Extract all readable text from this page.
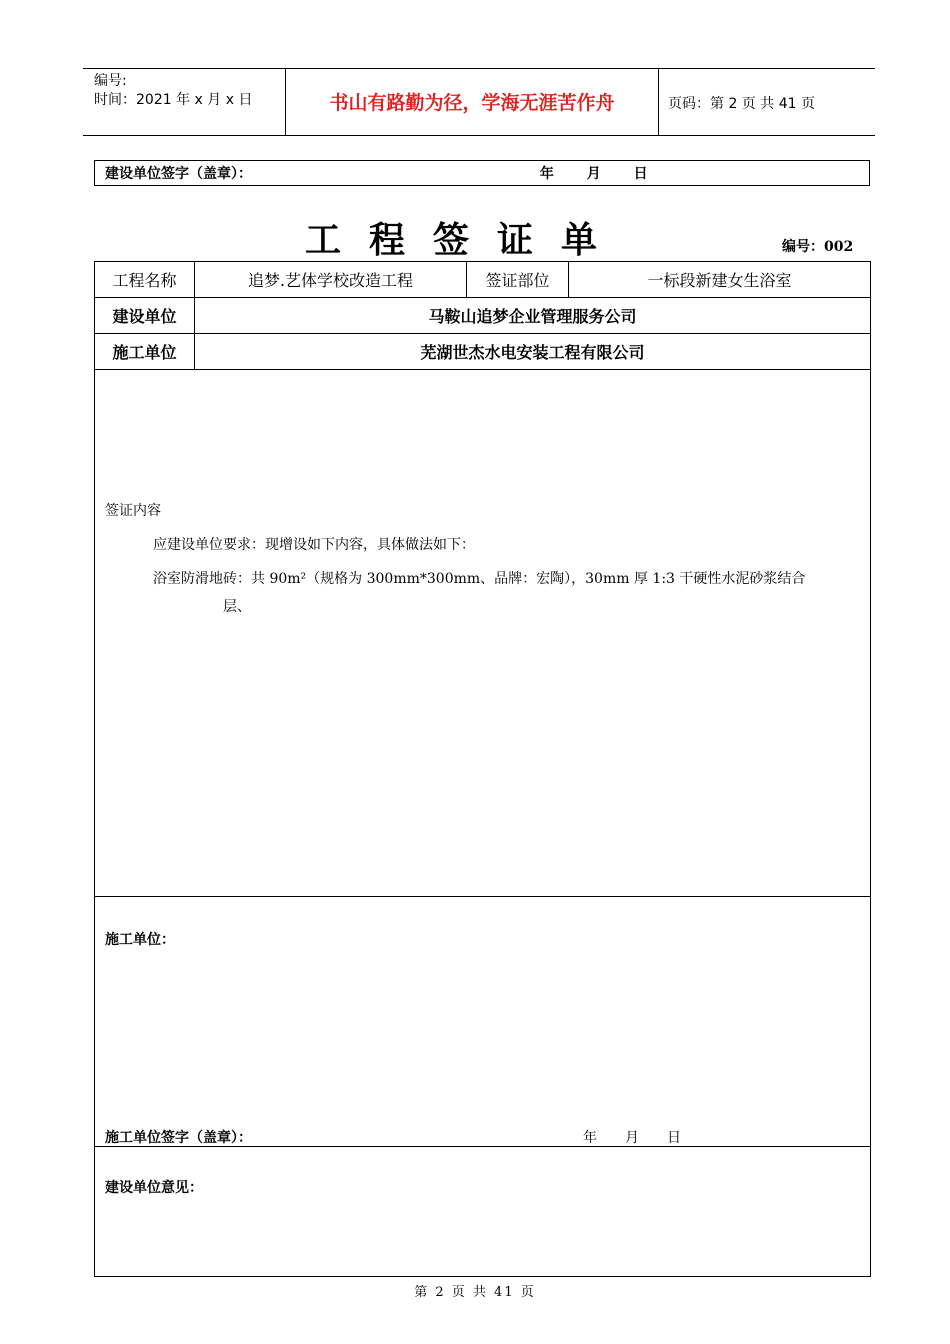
编号:
时间：2021 年 x 月 x 日	书山有路勤为径，学海无涯苦作舟	页码：第 2 页 共 41 页
建设单位签字（盖章）：	年 月 日
工程签证单	编号：002
工程名称	追梦.艺体学校改造工程	签证部位	一标段新建女生浴室
建设单位	马鞍山追梦企业管理服务公司		
施工单位	芜湖世杰水电安装工程有限公司		

签证内容
应建设单位要求：现增设如下内容，具体做法如下：
浴室防滑地砖：共 90m²（规格为 300mm*300mm、品牌：宏陶），30mm 厚 1:3 干硬性水泥砂浆结合
层、			

施工单位：
施工单位签字（盖章）： 年 月 日			

建设单位意见：			
第 2 页 共 41 页
